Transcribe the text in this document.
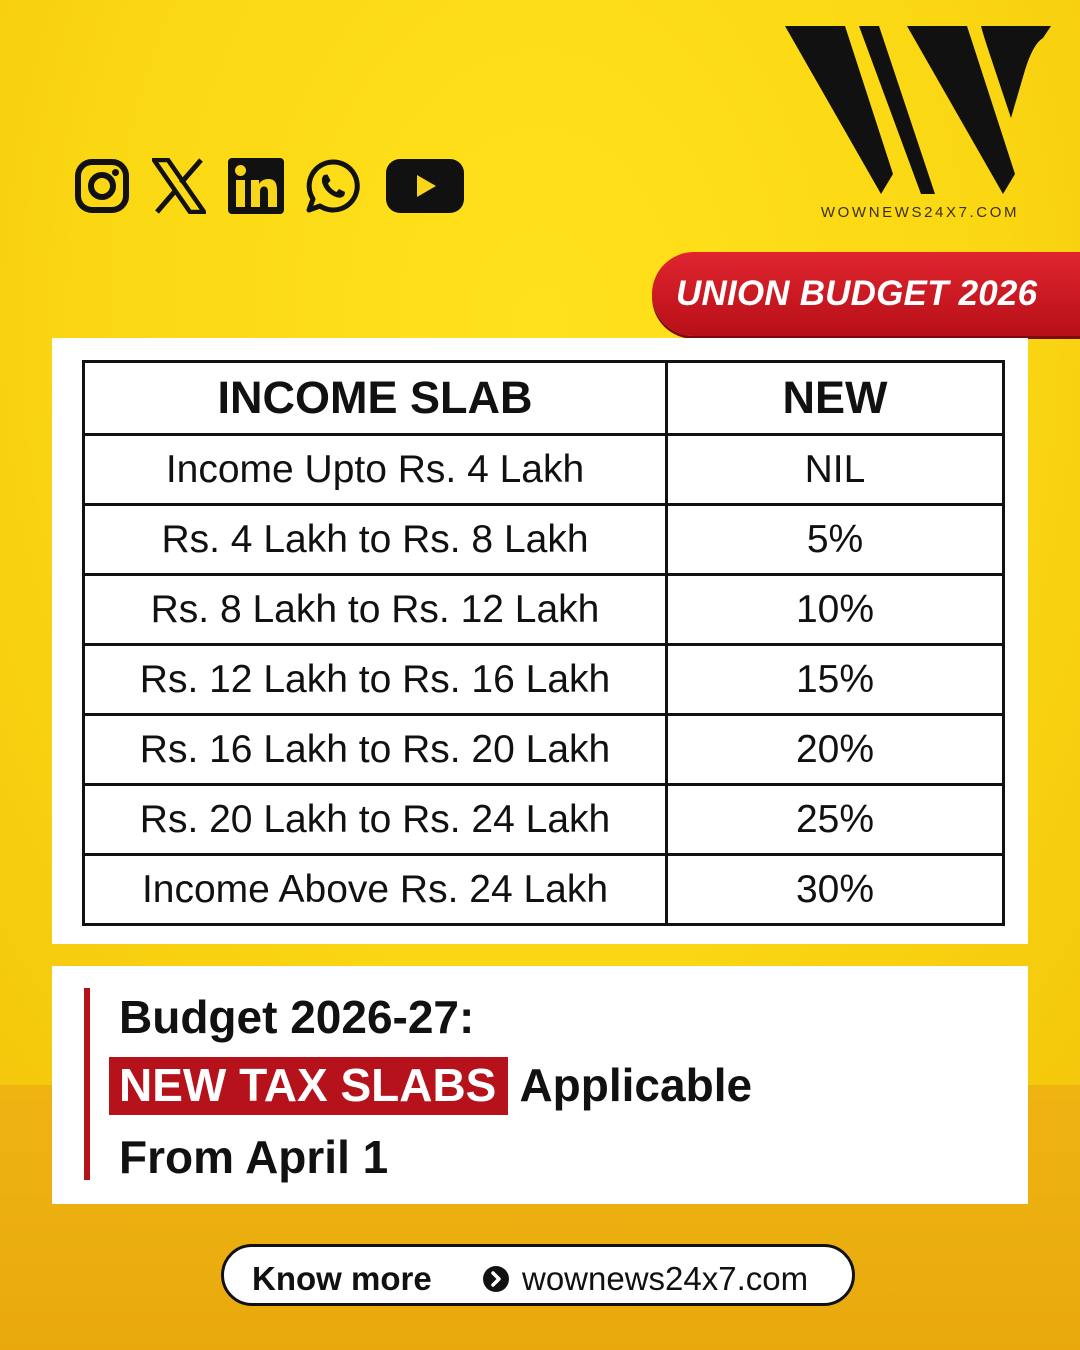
WOWNEWS24X7.COM
UNION BUDGET 2026
INCOME SLAB	NEW
Income Upto Rs. 4 Lakh	NIL
Rs. 4 Lakh to Rs. 8 Lakh	5%
Rs. 8 Lakh to Rs. 12 Lakh	10%
Rs. 12 Lakh to Rs. 16 Lakh	15%
Rs. 16 Lakh to Rs. 20 Lakh	20%
Rs. 20 Lakh to Rs. 24 Lakh	25%
Income Above Rs. 24 Lakh	30%
Budget 2026-27:
NEW TAX SLABS Applicable
From April 1
Know more	wownews24x7.com
